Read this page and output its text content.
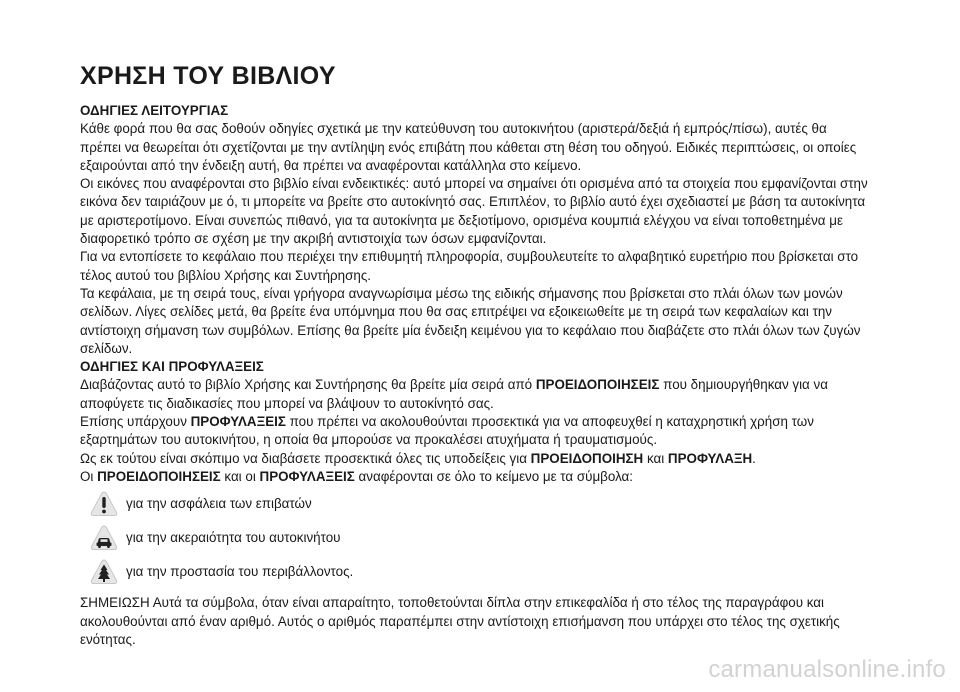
ΧΡΗΣΗ ΤΟΥ ΒΙΒΛΙΟΥ

ΟΔΗΓΙΕΣ ΛΕΙΤΟΥΡΓΙΑΣ

Κάθε φορά που θα σας δοθούν οδηγίες σχετικά με την κατεύθυνση του αυτοκινήτου (αριστερά/δεξιά ή εμπρός/πίσω), αυτές θα πρέπει να θεωρείται ότι σχετίζονται με την αντίληψη ενός επιβάτη που κάθεται στη θέση του οδηγού. Ειδικές περιπτώσεις, οι οποίες εξαιρούνται από την ένδειξη αυτή, θα πρέπει να αναφέρονται κατάλληλα στο κείμενο.

Οι εικόνες που αναφέρονται στο βιβλίο είναι ενδεικτικές: αυτό μπορεί να σημαίνει ότι ορισμένα από τα στοιχεία που εμφανίζονται στην εικόνα δεν ταιριάζουν με ό, τι μπορείτε να βρείτε στο αυτοκίνητό σας. Επιπλέον, το βιβλίο αυτό έχει σχεδιαστεί με βάση τα αυτοκίνητα με αριστεροτίμονο. Είναι συνεπώς πιθανό, για τα αυτοκίνητα με δεξιοτίμονο, ορισμένα κουμπιά ελέγχου να είναι τοποθετημένα με διαφορετικό τρόπο σε σχέση με την ακριβή αντιστοιχία των όσων εμφανίζονται.

Για να εντοπίσετε το κεφάλαιο που περιέχει την επιθυμητή πληροφορία, συμβουλευτείτε το αλφαβητικό ευρετήριο που βρίσκεται στο τέλος αυτού του βιβλίου Χρήσης και Συντήρησης.

Τα κεφάλαια, με τη σειρά τους, είναι γρήγορα αναγνωρίσιμα μέσω της ειδικής σήμανσης που βρίσκεται στο πλάι όλων των μονών σελίδων. Λίγες σελίδες μετά, θα βρείτε ένα υπόμνημα που θα σας επιτρέψει να εξοικειωθείτε με τη σειρά των κεφαλαίων και την αντίστοιχη σήμανση των συμβόλων. Επίσης θα βρείτε μία ένδειξη κειμένου για το κεφάλαιο που διαβάζετε στο πλάι όλων των ζυγών σελίδων.

ΟΔΗΓΙΕΣ ΚΑΙ ΠΡΟΦΥΛΑΞΕΙΣ

Διαβάζοντας αυτό το βιβλίο Χρήσης και Συντήρησης θα βρείτε μία σειρά από ΠΡΟΕΙΔΟΠΟΙΗΣΕΙΣ που δημιουργήθηκαν για να αποφύγετε τις διαδικασίες που μπορεί να βλάψουν το αυτοκίνητό σας.

Επίσης υπάρχουν ΠΡΟΦΥΛΑΞΕΙΣ που πρέπει να ακολουθούνται προσεκτικά για να αποφευχθεί η καταχρηστική χρήση των εξαρτημάτων του αυτοκινήτου, η οποία θα μπορούσε να προκαλέσει ατυχήματα ή τραυματισμούς.

Ως εκ τούτου είναι σκόπιμο να διαβάσετε προσεκτικά όλες τις υποδείξεις για ΠΡΟΕΙΔΟΠΟΙΗΣΗ και ΠΡΟΦΥΛΑΞΗ.

Οι ΠΡΟΕΙΔΟΠΟΙΗΣΕΙΣ και οι ΠΡΟΦΥΛΑΞΕΙΣ αναφέρονται σε όλο το κείμενο με τα σύμβολα:

για την ασφάλεια των επιβατών
για την ακεραιότητα του αυτοκινήτου
για την προστασία του περιβάλλοντος.

ΣΗΜΕΙΩΣΗ Αυτά τα σύμβολα, όταν είναι απαραίτητο, τοποθετούνται δίπλα στην επικεφαλίδα ή στο τέλος της παραγράφου και ακολουθούνται από έναν αριθμό. Αυτός ο αριθμός παραπέμπει στην αντίστοιχη επισήμανση που υπάρχει στο τέλος της σχετικής ενότητας.

carmanualsonline.info
